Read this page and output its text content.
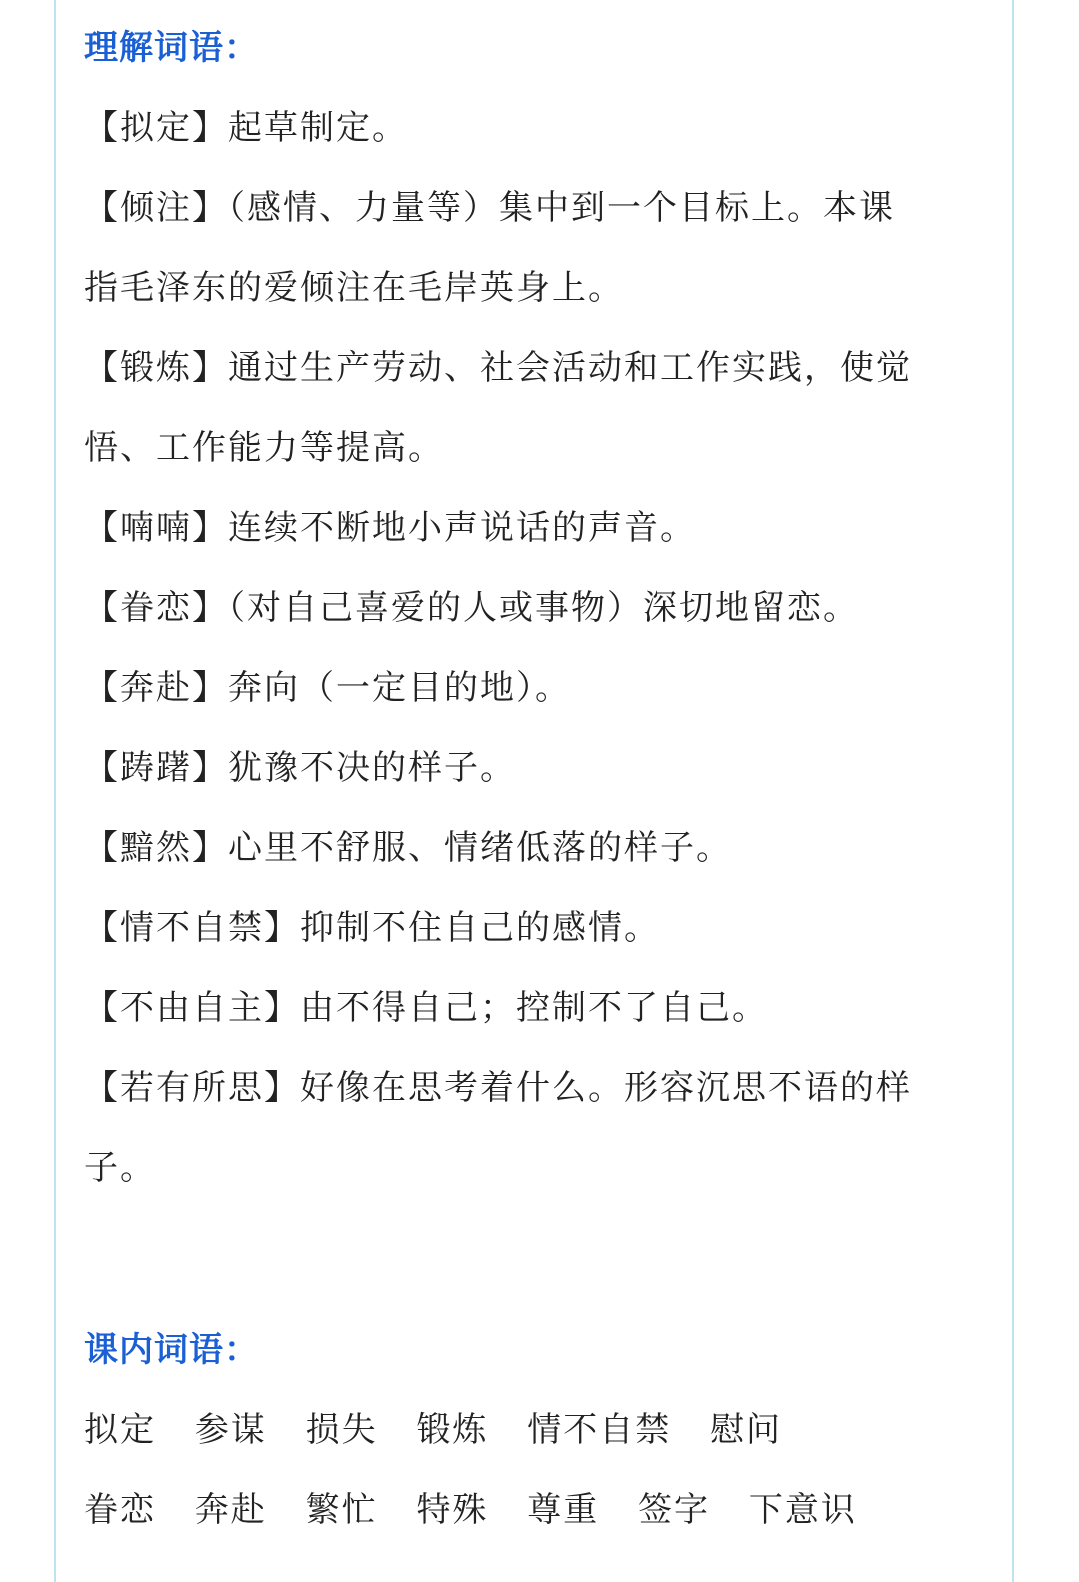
理解词语：

【拟定】起草制定。

【倾注】（感情、力量等）集中到一个目标上。本课

指毛泽东的爱倾注在毛岸英身上。

【锻炼】通过生产劳动、社会活动和工作实践，使觉

悟、工作能力等提高。

【喃喃】连续不断地小声说话的声音。

【眷恋】（对自己喜爱的人或事物）深切地留恋。

【奔赴】奔向（一定目的地）。

【踌躇】犹豫不决的样子。

【黯然】心里不舒服、情绪低落的样子。

【情不自禁】抑制不住自己的感情。

【不由自主】由不得自己；控制不了自己。

【若有所思】好像在思考着什么。形容沉思不语的样

子。

课内词语：

拟定 参谋 损失 锻炼 情不自禁 慰问

眷恋 奔赴 繁忙 特殊 尊重 签字 下意识
